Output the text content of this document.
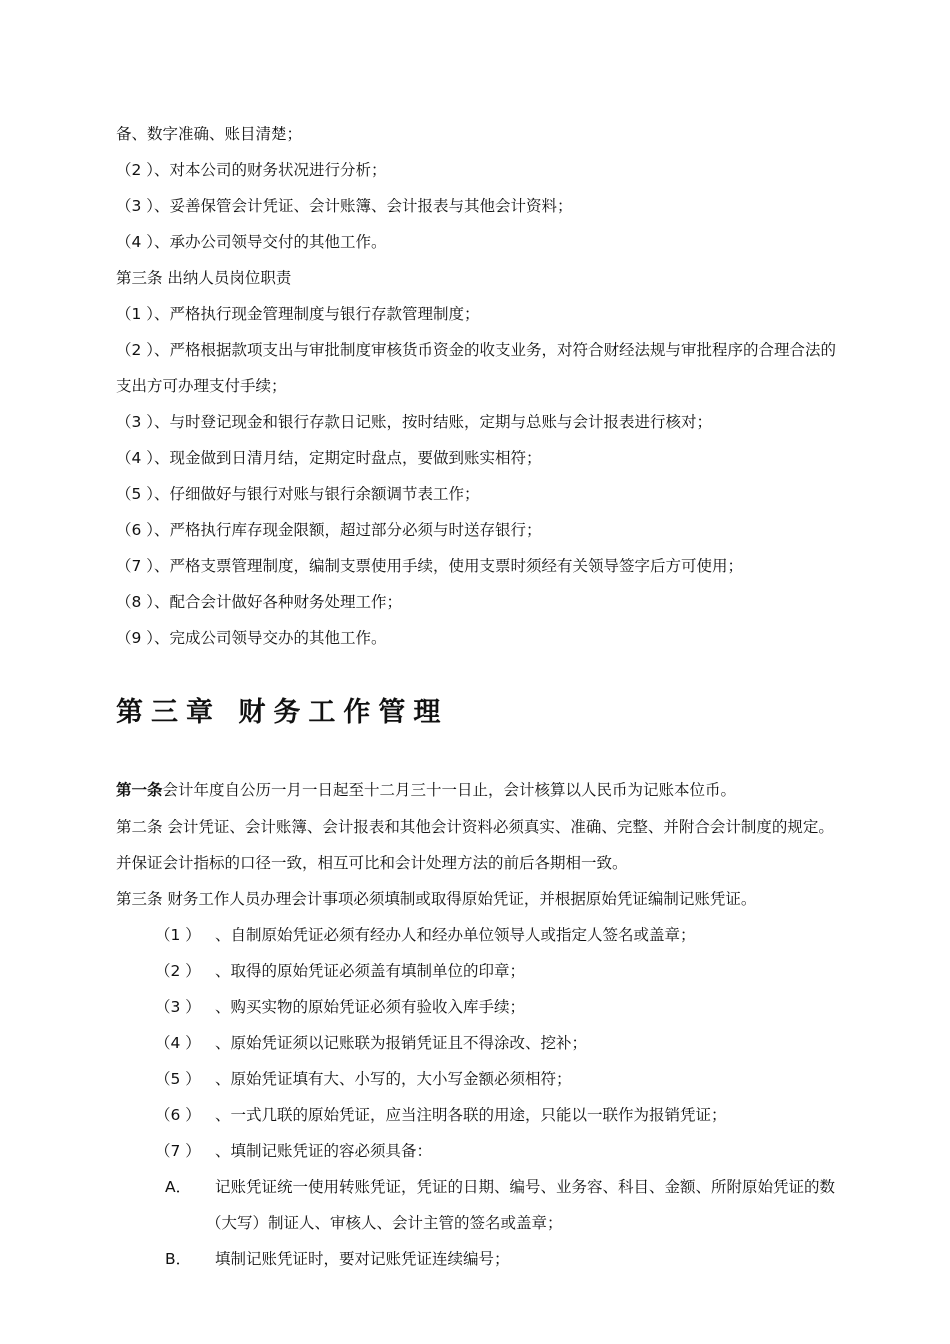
备、数字准确、账目清楚；
（2 ）、对本公司的财务状况进行分析；
（3 ）、妥善保管会计凭证、会计账簿、会计报表与其他会计资料；
（4 ）、承办公司领导交付的其他工作。
第三条 出纳人员岗位职责
（1 ）、严格执行现金管理制度与银行存款管理制度；
（2 ）、严格根据款项支出与审批制度审核货币资金的收支业务，对符合财经法规与审批程序的合理合法的
支出方可办理支付手续；
（3 ）、与时登记现金和银行存款日记账，按时结账，定期与总账与会计报表进行核对；
（4 ）、现金做到日清月结，定期定时盘点，要做到账实相符；
（5 ）、仔细做好与银行对账与银行余额调节表工作；
（6 ）、严格执行库存现金限额，超过部分必须与时送存银行；
（7 ）、严格支票管理制度，编制支票使用手续，使用支票时须经有关领导签字后方可使用；
（8 ）、配合会计做好各种财务处理工作；
（9 ）、完成公司领导交办的其他工作。
第三章 财务工作管理
第一条会计年度自公历一月一日起至十二月三十一日止，会计核算以人民币为记账本位币。
第二条 会计凭证、会计账簿、会计报表和其他会计资料必须真实、准确、完整、并附合会计制度的规定。
并保证会计指标的口径一致，相互可比和会计处理方法的前后各期相一致。
第三条 财务工作人员办理会计事项必须填制或取得原始凭证，并根据原始凭证编制记账凭证。
（1 ） 、自制原始凭证必须有经办人和经办单位领导人或指定人签名或盖章；
（2 ） 、取得的原始凭证必须盖有填制单位的印章；
（3 ） 、购买实物的原始凭证必须有验收入库手续；
（4 ） 、原始凭证须以记账联为报销凭证且不得涂改、挖补；
（5 ） 、原始凭证填有大、小写的，大小写金额必须相符；
（6 ） 、一式几联的原始凭证，应当注明各联的用途，只能以一联作为报销凭证；
（7 ） 、填制记账凭证的容必须具备：
A． 记账凭证统一使用转账凭证，凭证的日期、编号、业务容、科目、金额、所附原始凭证的数
（大写）制证人、审核人、会计主管的签名或盖章；
B． 填制记账凭证时，要对记账凭证连续编号；
